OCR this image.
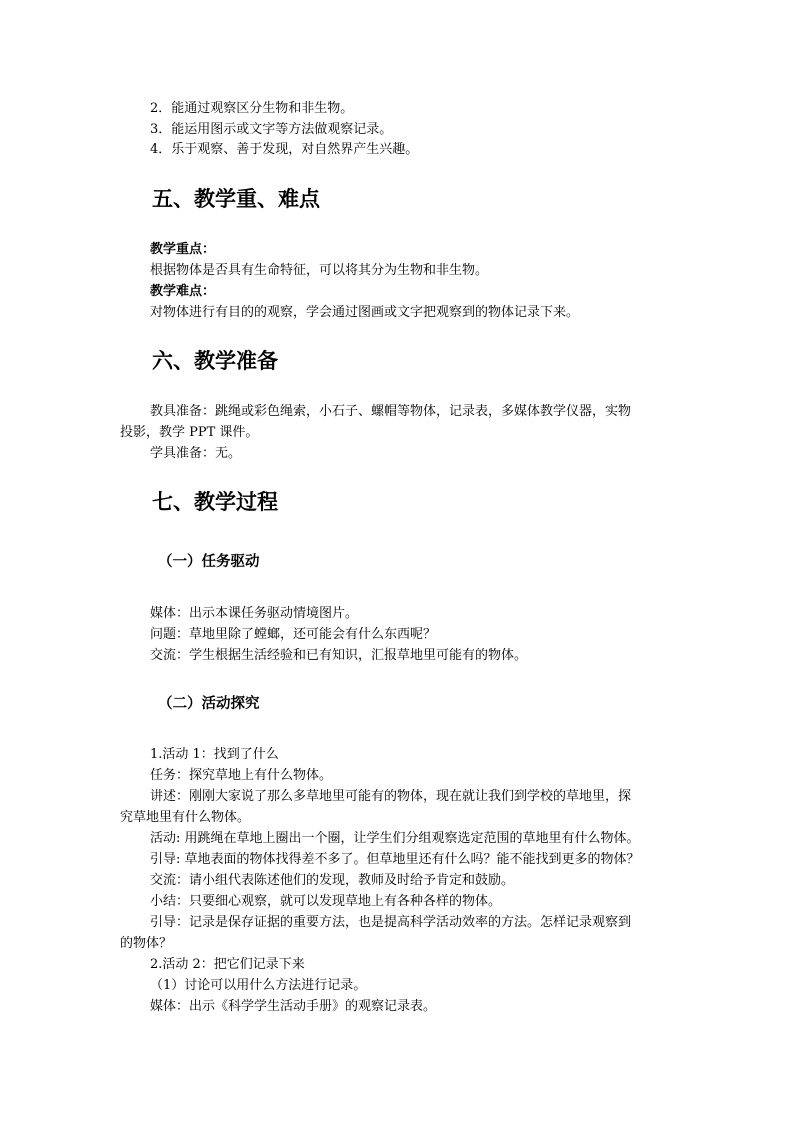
2．能通过观察区分生物和非生物。
3．能运用图示或文字等方法做观察记录。
4．乐于观察、善于发现，对自然界产生兴趣。
五、教学重、难点
教学重点：
根据物体是否具有生命特征，可以将其分为生物和非生物。
教学难点：
对物体进行有目的的观察，学会通过图画或文字把观察到的物体记录下来。
六、教学准备
教具准备：跳绳或彩色绳索，小石子、螺帽等物体，记录表，多媒体教学仪器，实物
投影，教学 PPT 课件。
学具准备：无。
七、教学过程
（一）任务驱动
媒体：出示本课任务驱动情境图片。
问题：草地里除了螳螂，还可能会有什么东西呢？
交流：学生根据生活经验和已有知识，汇报草地里可能有的物体。
（二）活动探究
1.活动 1：找到了什么
任务：探究草地上有什么物体。
讲述：刚刚大家说了那么多草地里可能有的物体，现在就让我们到学校的草地里，探
究草地里有什么物体。
活动: 用跳绳在草地上圈出一个圈，让学生们分组观察选定范围的草地里有什么物体。
引导: 草地表面的物体找得差不多了。但草地里还有什么吗？能不能找到更多的物体？
交流：请小组代表陈述他们的发现，教师及时给予肯定和鼓励。
小结：只要细心观察，就可以发现草地上有各种各样的物体。
引导：记录是保存证据的重要方法，也是提高科学活动效率的方法。怎样记录观察到
的物体？
2.活动 2：把它们记录下来
（1）讨论可以用什么方法进行记录。
媒体：出示《科学学生活动手册》的观察记录表。
